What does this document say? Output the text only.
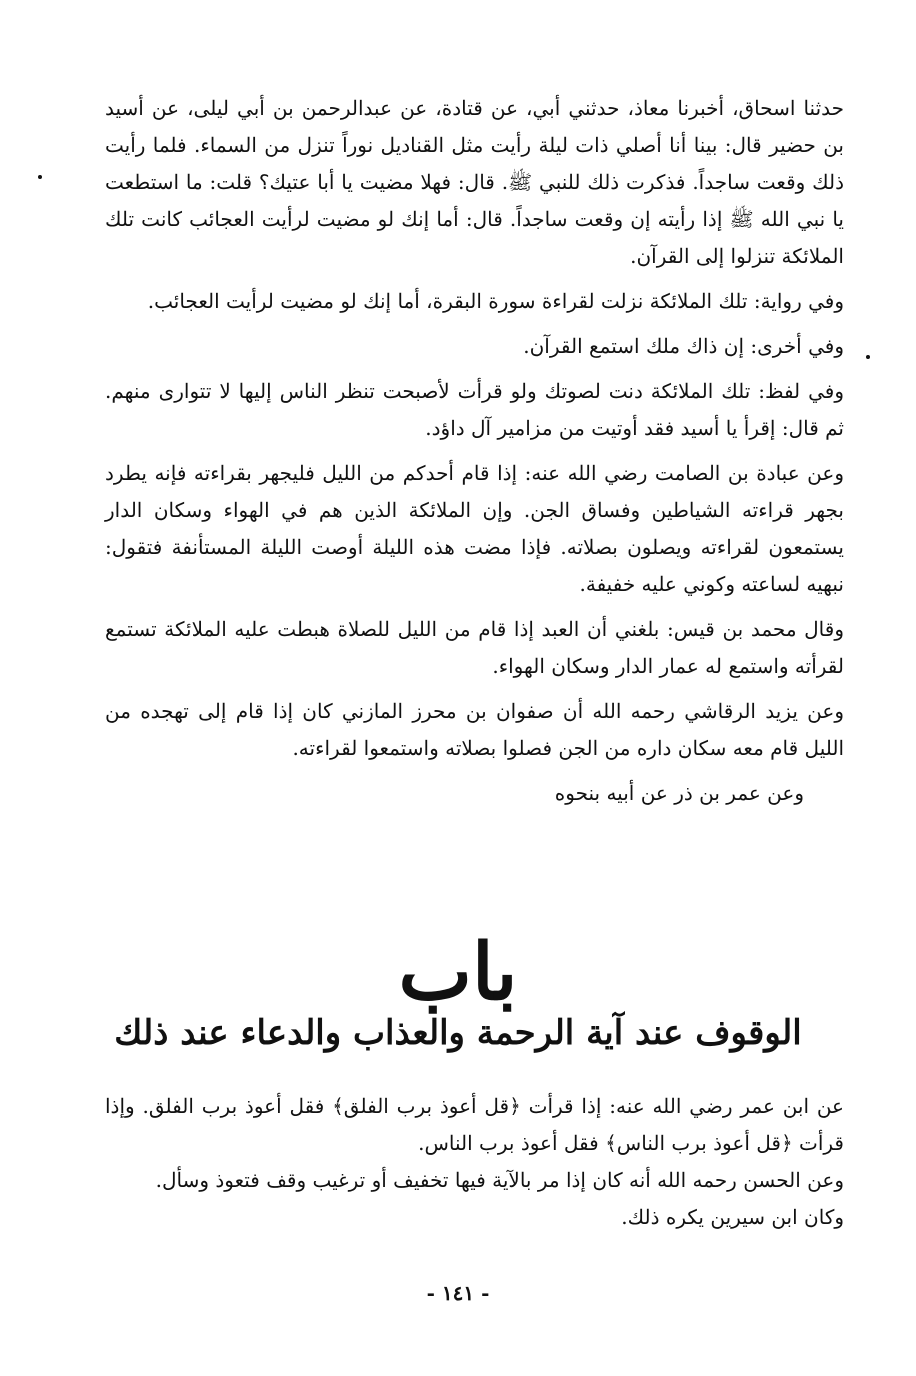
حدثنا اسحاق، أخبرنا معاذ، حدثني أبي، عن قتادة، عن عبدالرحمن بن أبي ليلى، عن أسيد بن حضير قال: بينا أنا أصلي ذات ليلة رأيت مثل القناديل نوراً تنزل من السماء. فلما رأيت ذلك وقعت ساجداً. فذكرت ذلك للنبي ﷺ. قال: فهلا مضيت يا أبا عتيك؟ قلت: ما استطعت يا نبي الله ﷺ إذا رأيته إن وقعت ساجداً. قال: أما إنك لو مضيت لرأيت العجائب كانت تلك الملائكة تنزلوا إلى القرآن.

وفي رواية: تلك الملائكة نزلت لقراءة سورة البقرة، أما إنك لو مضيت لرأيت العجائب.

وفي أخرى: إن ذاك ملك استمع القرآن.

وفي لفظ: تلك الملائكة دنت لصوتك ولو قرأت لأصبحت تنظر الناس إليها لا تتوارى منهم. ثم قال: إقرأ يا أسيد فقد أوتيت من مزامير آل داؤد.

وعن عبادة بن الصامت رضي الله عنه: إذا قام أحدكم من الليل فليجهر بقراءته فإنه يطرد بجهر قراءته الشياطين وفساق الجن. وإن الملائكة الذين هم في الهواء وسكان الدار يستمعون لقراءته ويصلون بصلاته. فإذا مضت هذه الليلة أوصت الليلة المستأنفة فتقول: نبهيه لساعته وكوني عليه خفيفة.

وقال محمد بن قيس: بلغني أن العبد إذا قام من الليل للصلاة هبطت عليه الملائكة تستمع لقرأته واستمع له عمار الدار وسكان الهواء.

وعن يزيد الرقاشي رحمه الله أن صفوان بن محرز المازني كان إذا قام إلى تهجده من الليل قام معه سكان داره من الجن فصلوا بصلاته واستمعوا لقراءته.

وعن عمر بن ذر عن أبيه بنحوه

باب
الوقوف عند آية الرحمة والعذاب والدعاء عند ذلك

عن ابن عمر رضي الله عنه: إذا قرأت ﴿قل أعوذ برب الفلق﴾ فقل أعوذ برب الفلق. وإذا قرأت ﴿قل أعوذ برب الناس﴾ فقل أعوذ برب الناس.

وعن الحسن رحمه الله أنه كان إذا مر بالآية فيها تخفيف أو ترغيب وقف فتعوذ وسأل.

وكان ابن سيرين يكره ذلك.

- ١٤١ -
